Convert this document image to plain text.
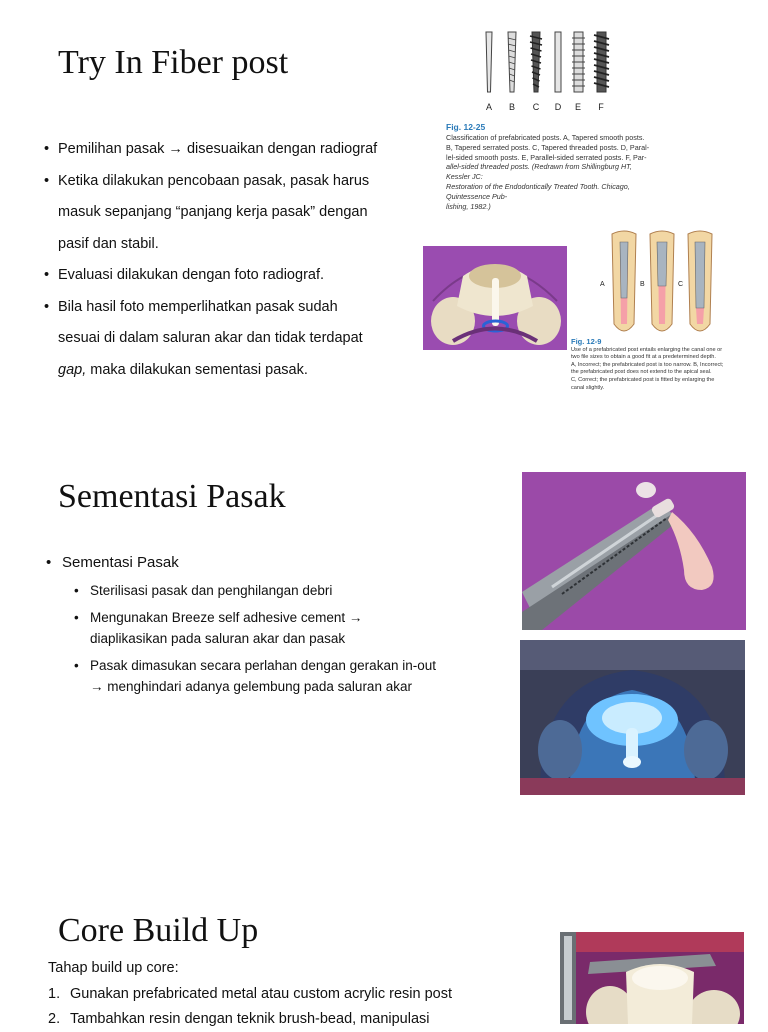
Try In Fiber post

• Pemilihan pasak → disesuaikan dengan radiograf

• Ketika dilakukan pencobaan pasak, pasak harus

masuk sepanjang “panjang kerja pasak” dengan

pasif dan stabil.

• Evaluasi dilakukan dengan foto radiograf.

• Bila hasil foto memperlihatkan pasak sudah

sesuai di dalam saluran akar dan tidak terdapat

gap, maka dilakukan sementasi pasak.

A B C D E F
Fig. 12-25
Classification of prefabricated posts. A, Tapered smooth posts.
B, Tapered serrated posts. C, Tapered threaded posts. D, Paral-
lel-sided smooth posts. E, Parallel-sided serrated posts. F, Par-
allel-sided threaded posts. (Redrawn from Shillingburg HT, Kessler JC:
Restoration of the Endodontically Treated Tooth. Chicago, Quintessence Pub-
lishing, 1982.)
A	B	C
Fig. 12-9
Use of a prefabricated post entails enlarging the canal one or
two file sizes to obtain a good fit at a predetermined depth.
A, Incorrect; the prefabricated post is too narrow. B, Incorrect;
the prefabricated post does not extend to the apical seal.
C, Correct; the prefabricated post is fitted by enlarging the
canal slightly.
Sementasi Pasak
• Sementasi Pasak
• Sterilisasi pasak dan penghilangan debri
• Mengunakan Breeze self adhesive cement →
diaplikasikan pada saluran akar dan pasak
• Pasak dimasukan secara perlahan dengan gerakan in-out
→ menghindari adanya gelembung pada saluran akar
Core Build Up
Tahap build up core:
1. Gunakan prefabricated metal atau custom acrylic resin post
2. Tambahkan resin dengan teknik brush-bead, manipulasi
